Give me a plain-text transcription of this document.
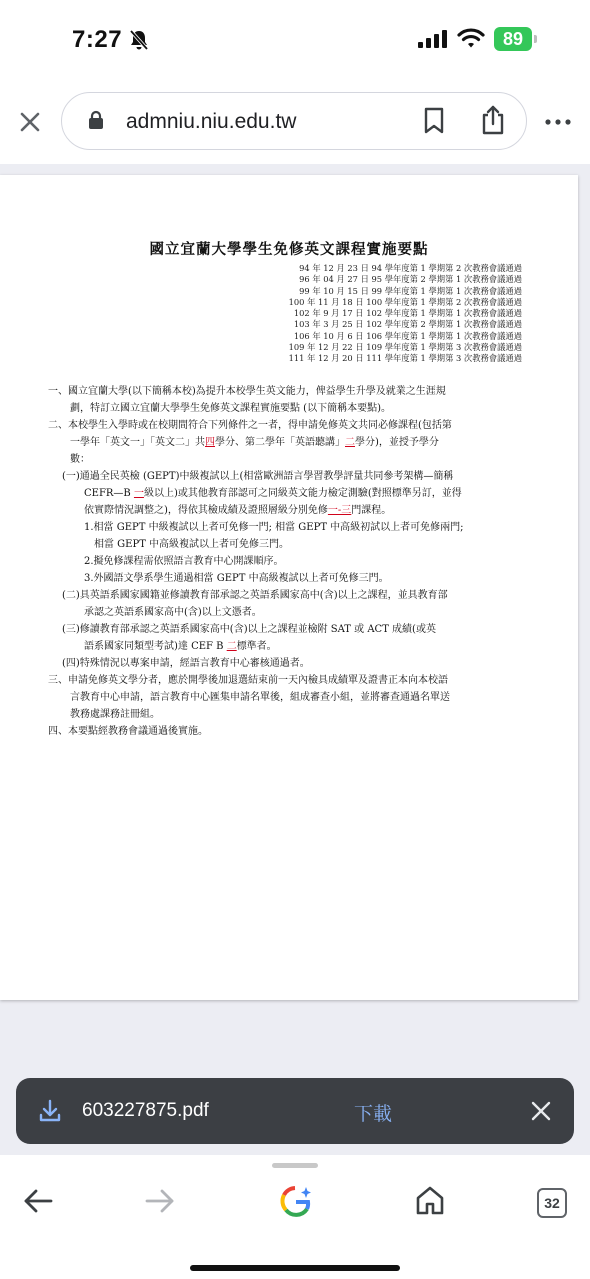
7:27	89
admniu.niu.edu.tw
國立宜蘭大學學生免修英文課程實施要點
94 年 12 月 23 日 94 學年度第 1 學期第 2 次教務會議通過
96 年 04 月 27 日 95 學年度第 2 學期第 1 次教務會議通過
99 年 10 月 15 日 99 學年度第 1 學期第 1 次教務會議通過
100 年 11 月 18 日 100 學年度第 1 學期第 2 次教務會議通過
102 年 9 月 17 日 102 學年度第 1 學期第 1 次教務會議通過
103 年 3 月 25 日 102 學年度第 2 學期第 1 次教務會議通過
106 年 10 月 6 日 106 學年度第 1 學期第 1 次教務會議通過
109 年 12 月 22 日 109 學年度第 1 學期第 3 次教務會議通過
111 年 12 月 20 日 111 學年度第 1 學期第 3 次教務會議通過
一、國立宜蘭大學(以下簡稱本校)為提升本校學生英文能力，俾益學生升學及就業之生涯規
劃，特訂立國立宜蘭大學學生免修英文課程實施要點 (以下簡稱本要點)。
二、本校學生入學時或在校期間符合下列條件之一者，得申請免修英文共同必修課程(包括第
一學年「英文一」「英文二」共四學分、第二學年「英語聽講」二學分)，並授予學分
數：
(一)通過全民英檢 (GEPT)中級複試以上(相當歐洲語言學習教學評量共同參考架構—簡稱
CEFR—B 一級以上)或其他教育部認可之同級英文能力檢定測驗(對照標準另訂，並得
依實際情況調整之)，得依其檢成績及證照層級分別免修一-三門課程。
1.相當 GEPT 中級複試以上者可免修一門; 相當 GEPT 中高級初試以上者可免修兩門;
相當 GEPT 中高級複試以上者可免修三門。
2.擬免修課程需依照語言教育中心開課順序。
3.外國語文學系學生通過相當 GEPT 中高級複試以上者可免修三門。
(二)具英語系國家國籍並修讀教育部承認之英語系國家高中(含)以上之課程，並具教育部
承認之英語系國家高中(含)以上文憑者。
(三)修讀教育部承認之英語系國家高中(含)以上之課程並檢附 SAT 或 ACT 成績(或英
語系國家同類型考試)達 CEF B 二標準者。
(四)特殊情況以專案申請，經語言教育中心審核通過者。
三、申請免修英文學分者，應於開學後加退選結束前一天內檢具成績單及證書正本向本校語
言教育中心申請，語言教育中心匯集申請名單後，組成審查小組，並將審查通過名單送
教務處課務註冊組。
四、本要點經教務會議通過後實施。
603227875.pdf	下載
32
